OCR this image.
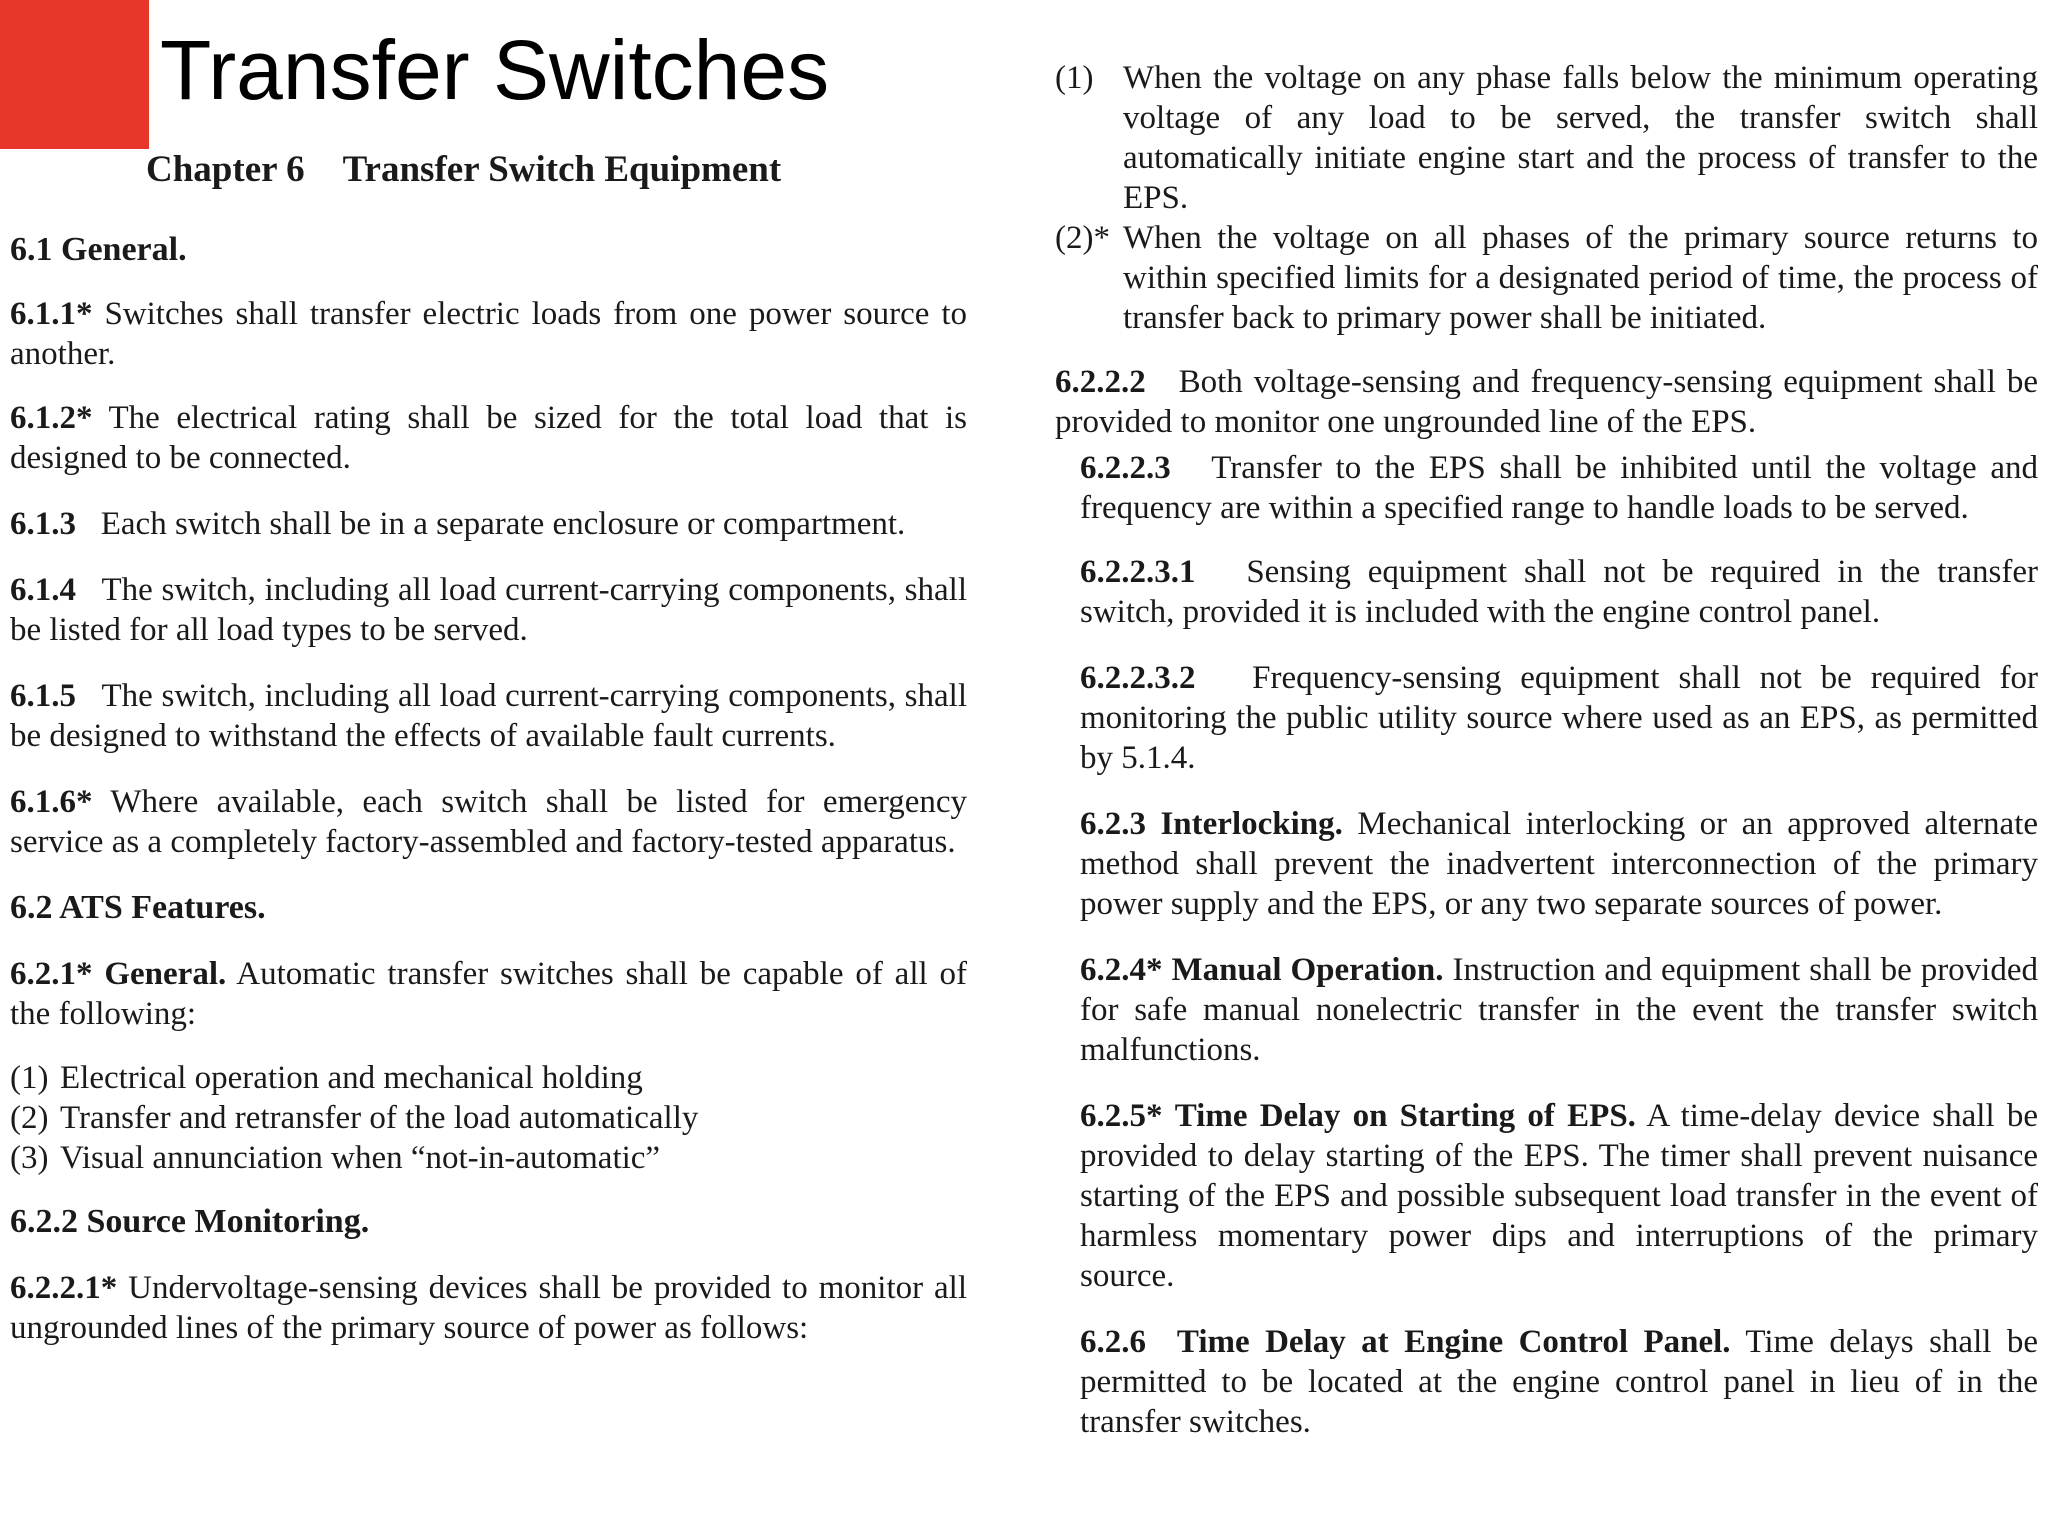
Transfer Switches
Chapter 6 Transfer Switch Equipment

6.1 General.

6.1.1* Switches shall transfer electric loads from one power source to another.

6.1.2* The electrical rating shall be sized for the total load that is designed to be connected.

6.1.3 Each switch shall be in a separate enclosure or compartment.

6.1.4 The switch, including all load current-carrying components, shall be listed for all load types to be served.

6.1.5 The switch, including all load current-carrying components, shall be designed to withstand the effects of available fault currents.

6.1.6* Where available, each switch shall be listed for emergency service as a completely factory-assembled and factory-tested apparatus.

6.2 ATS Features.

6.2.1* General. Automatic transfer switches shall be capable of all of the following:

(1) Electrical operation and mechanical holding
(2) Transfer and retransfer of the load automatically
(3) Visual annunciation when “not-in-automatic”

6.2.2 Source Monitoring.

6.2.2.1* Undervoltage-sensing devices shall be provided to monitor all ungrounded lines of the primary source of power as follows:

(1) When the voltage on any phase falls below the minimum operating voltage of any load to be served, the transfer switch shall automatically initiate engine start and the process of transfer to the EPS.

(2)* When the voltage on all phases of the primary source returns to within specified limits for a designated period of time, the process of transfer back to primary power shall be initiated.

6.2.2.2 Both voltage-sensing and frequency-sensing equipment shall be provided to monitor one ungrounded line of the EPS.

6.2.2.3 Transfer to the EPS shall be inhibited until the voltage and frequency are within a specified range to handle loads to be served.

6.2.2.3.1 Sensing equipment shall not be required in the transfer switch, provided it is included with the engine control panel.

6.2.2.3.2 Frequency-sensing equipment shall not be required for monitoring the public utility source where used as an EPS, as permitted by 5.1.4.

6.2.3 Interlocking. Mechanical interlocking or an approved alternate method shall prevent the inadvertent interconnection of the primary power supply and the EPS, or any two separate sources of power.

6.2.4* Manual Operation. Instruction and equipment shall be provided for safe manual nonelectric transfer in the event the transfer switch malfunctions.

6.2.5* Time Delay on Starting of EPS. A time-delay device shall be provided to delay starting of the EPS. The timer shall prevent nuisance starting of the EPS and possible subsequent load transfer in the event of harmless momentary power dips and interruptions of the primary source.

6.2.6 Time Delay at Engine Control Panel. Time delays shall be permitted to be located at the engine control panel in lieu of in the transfer switches.
